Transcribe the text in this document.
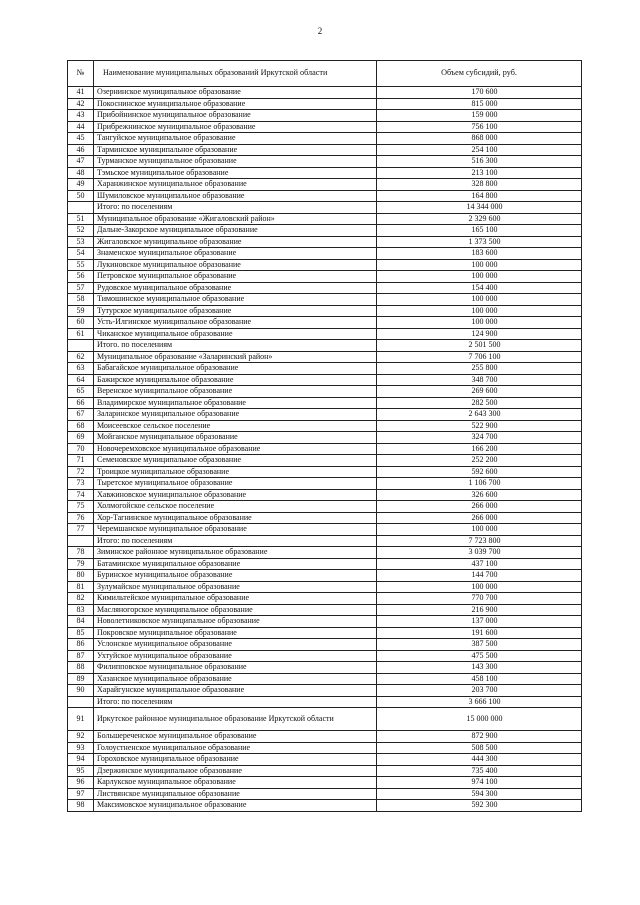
2
№	Наименование муниципальных образований Иркутской области	Объем субсидий, руб.
41	Озернинское муниципальное образование	170 600
42	Покоснинское муниципальное образование	815 000
43	Прибойнинское муниципальное образование	159 000
44	Прибрежнинское муниципальное образование	756 100
45	Тангуйское муниципальное образование	868 000
46	Тарминское муниципальное образование	254 100
47	Турманское муниципальное образование	516 300
48	Тэмьское муниципальное образование	213 100
49	Харанжинское муниципальное образование	328 800
50	Шумиловское муниципальное образование	164 800
	Итого: по поселениям	14 344 000
51	Муниципальное образование «Жигаловский район»	2 329 600
52	Дальне-Закорское муниципальное образование	165 100
53	Жигаловское муниципальное образование	1 373 500
54	Знаменское муниципальное образование	183 600
55	Лукиновское муниципальное образование	100 000
56	Петровское муниципальное образование	100 000
57	Рудовское муниципальное образование	154 400
58	Тимошинское муниципальное образование	100 000
59	Тутурское муниципальное образование	100 000
60	Усть-Илгинское муниципальное образование	100 000
61	Чиканское муниципальное образование	124 900
	Итого. по поселениям	2 501 500
62	Муниципальное образование «Заларинский район»	7 706 100
63	Бабагайское муниципальное образование	255 800
64	Бажирское муниципальное образование	348 700
65	Веренское муниципальное образование	269 600
66	Владимирское муниципальное образование	282 500
67	Заларинское муниципальное образование	2 643 300
68	Моисеевское сельское поселение	522 900
69	Мойганское муниципальное образование	324 700
70	Новочеремховское муниципальное образование	166 200
71	Семеновское муниципальное образование	252 200
72	Троицкое муниципальное образование	592 600
73	Тыретское муниципальное образование	1 106 700
74	Хавжиновское муниципальное образование	326 600
75	Холмогойское сельское поселение	266 000
76	Хор-Тагнинское муниципальное образование	266 000
77	Черемшанское муниципальное образование	100 000
	Итого: по поселениям	7 723 800
78	Зиминское районное муниципальное образование	3 039 700
79	Батаминское муниципальное образование	437 100
80	Буринское муниципальное образование	144 700
81	Зулумайское муниципальное образование	100 000
82	Кимильтейское муниципальное образование	770 700
83	Масляногорское муниципальное образование	216 900
84	Новолетниковское муниципальное образование	137 000
85	Покровское муниципальное образование	191 600
86	Услонское муниципальное образование	387 500
87	Ухтуйское муниципальное образование	475 500
88	Филипповское муниципальное образование	143 300
89	Хазанское муниципальное образование	458 100
90	Харайгунское муниципальное образование	203 700
	Итого: по поселениям	3 666 100
91	Иркутское районное муниципальное образование Иркутской области	15 000 000
92	Большереченское муниципальное образование	872 900
93	Голоустненское муниципальное образование	508 500
94	Гороховское муниципальное образование	444 300
95	Дзержинское муниципальное образование	735 400
96	Карлукское муниципальное образование	974 100
97	Листвянское муниципальное образование	594 300
98	Максимовское муниципальное образование	592 300
